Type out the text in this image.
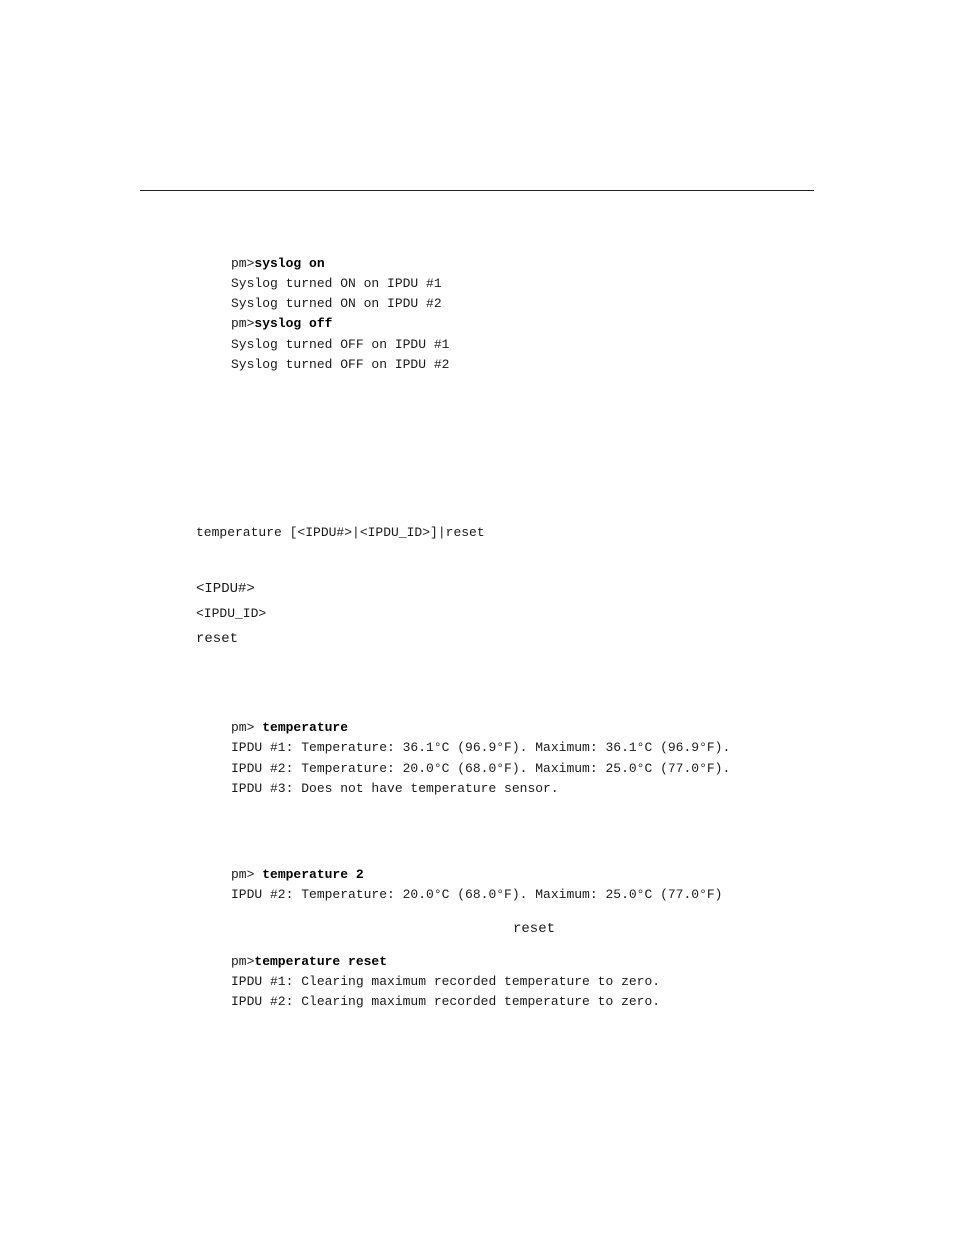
pm>syslog on
Syslog turned ON on IPDU #1
Syslog turned ON on IPDU #2
pm>syslog off
Syslog turned OFF on IPDU #1
Syslog turned OFF on IPDU #2
temperature [<IPDU#>|<IPDU_ID>]|reset
<IPDU#>
<IPDU_ID>
reset
pm> temperature
IPDU #1: Temperature: 36.1°C (96.9°F). Maximum: 36.1°C (96.9°F).
IPDU #2: Temperature: 20.0°C (68.0°F). Maximum: 25.0°C (77.0°F).
IPDU #3: Does not have temperature sensor.
pm> temperature 2
IPDU #2: Temperature: 20.0°C (68.0°F). Maximum: 25.0°C (77.0°F)
reset
pm>temperature reset
IPDU #1: Clearing maximum recorded temperature to zero.
IPDU #2: Clearing maximum recorded temperature to zero.
